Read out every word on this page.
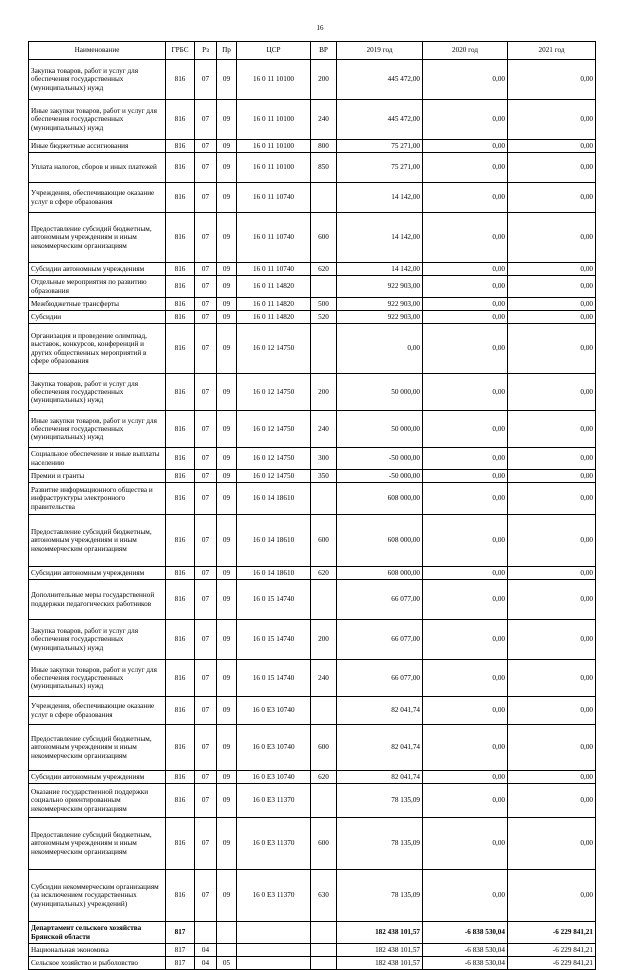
16
Наименование	ГРБС	Рз	Пр	ЦСР	ВР	2019 год	2020 год	2021 год
Закупка товаров, работ и услуг для обеспечения государственных (муниципальных) нужд	816	07	09	16 0 11 10100	200	445 472,00	0,00	0,00
Иные закупки товаров, работ и услуг для обеспечения государственных (муниципальных) нужд	816	07	09	16 0 11 10100	240	445 472,00	0,00	0,00
Иные бюджетные ассигнования	816	07	09	16 0 11 10100	800	75 271,00	0,00	0,00
Уплата налогов, сборов и иных платежей	816	07	09	16 0 11 10100	850	75 271,00	0,00	0,00
Учреждения, обеспечивающие оказание услуг в сфере образования	816	07	09	16 0 11 10740		14 142,00	0,00	0,00
Предоставление субсидий бюджетным, автономным учреждениям и иным некоммерческим организациям	816	07	09	16 0 11 10740	600	14 142,00	0,00	0,00
Субсидии автономным учреждениям	816	07	09	16 0 11 10740	620	14 142,00	0,00	0,00
Отдельные мероприятия по развитию образования	816	07	09	16 0 11 14820		922 903,00	0,00	0,00
Межбюджетные трансферты	816	07	09	16 0 11 14820	500	922 903,00	0,00	0,00
Субсидии	816	07	09	16 0 11 14820	520	922 903,00	0,00	0,00
Организация и проведение олимпиад, выставок, конкурсов, конференций и других общественных мероприятий в сфере образования	816	07	09	16 0 12 14750		0,00	0,00	0,00
Закупка товаров, работ и услуг для обеспечения государственных (муниципальных) нужд	816	07	09	16 0 12 14750	200	50 000,00	0,00	0,00
Иные закупки товаров, работ и услуг для обеспечения государственных (муниципальных) нужд	816	07	09	16 0 12 14750	240	50 000,00	0,00	0,00
Социальное обеспечение и иные выплаты населению	816	07	09	16 0 12 14750	300	-50 000,00	0,00	0,00
Премии и гранты	816	07	09	16 0 12 14750	350	-50 000,00	0,00	0,00
Развитие информационного общества и инфраструктуры электронного правительства	816	07	09	16 0 14 18610		608 000,00	0,00	0,00
Предоставление субсидий бюджетным, автономным учреждениям и иным некоммерческим организациям	816	07	09	16 0 14 18610	600	608 000,00	0,00	0,00
Субсидии автономным учреждениям	816	07	09	16 0 14 18610	620	608 000,00	0,00	0,00
Дополнительные меры государственной поддержки педагогических работников	816	07	09	16 0 15 14740		66 077,00	0,00	0,00
Закупка товаров, работ и услуг для обеспечения государственных (муниципальных) нужд	816	07	09	16 0 15 14740	200	66 077,00	0,00	0,00
Иные закупки товаров, работ и услуг для обеспечения государственных (муниципальных) нужд	816	07	09	16 0 15 14740	240	66 077,00	0,00	0,00
Учреждения, обеспечивающие оказание услуг в сфере образования	816	07	09	16 0 E3 10740		82 041,74	0,00	0,00
Предоставление субсидий бюджетным, автономным учреждениям и иным некоммерческим организациям	816	07	09	16 0 E3 10740	600	82 041,74	0,00	0,00
Субсидии автономным учреждениям	816	07	09	16 0 E3 10740	620	82 041,74	0,00	0,00
Оказание государственной поддержки социально ориентированным некоммерческим организациям	816	07	09	16 0 E3 11370		78 135,09	0,00	0,00
Предоставление субсидий бюджетным, автономным учреждениям и иным некоммерческим организациям	816	07	09	16 0 E3 11370	600	78 135,09	0,00	0,00
Субсидии некоммерческим организациям (за исключением государственных (муниципальных) учреждений)	816	07	09	16 0 E3 11370	630	78 135,09	0,00	0,00
Департамент сельского хозяйства Брянской области	817					182 438 101,57	-6 838 530,04	-6 229 841,21
Национальная экономика	817	04				182 438 101,57	-6 838 530,04	-6 229 841,21
Сельское хозяйство и рыболовство	817	04	05			182 438 101,57	-6 838 530,04	-6 229 841,21
